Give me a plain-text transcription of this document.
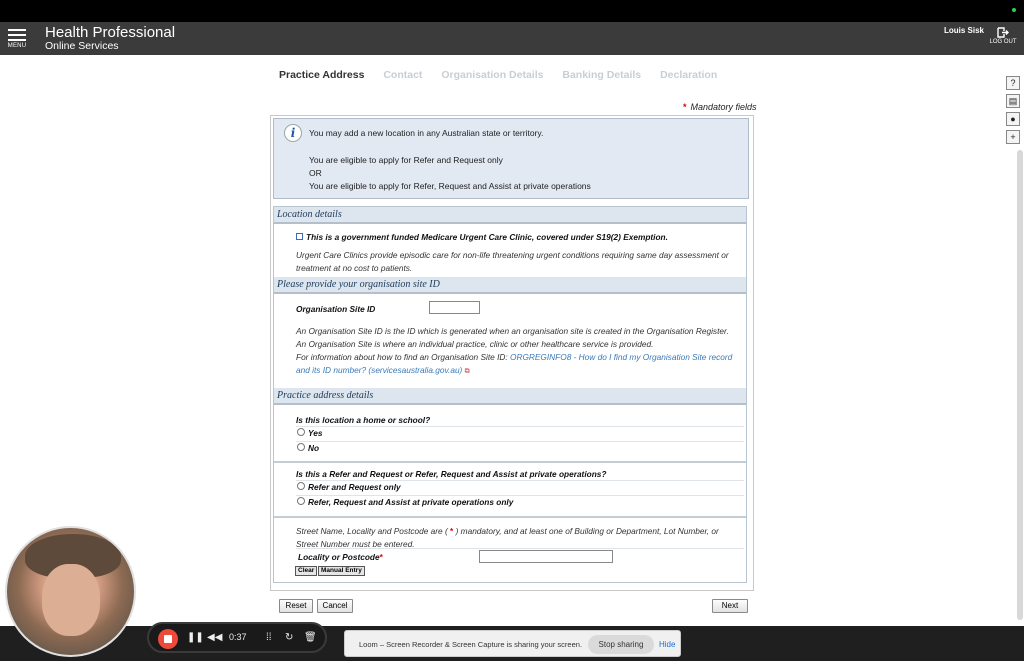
MENU
Health Professional
Online Services
Louis Sisk
LOG OUT
Practice Address Contact Organisation Details Banking Details Declaration
* Mandatory fields
?
▤
●
+
i	You may add a new location in any Australian state or territory.

You are eligible to apply for Refer and Request only

OR

You are eligible to apply for Refer, Request and Assist at private operations

Location details
This is a government funded Medicare Urgent Care Clinic, covered under S19(2) Exemption.
Urgent Care Clinics provide episodic care for non-life threatening urgent conditions requiring same day assessment or treatment at no cost to patients.
Please provide your organisation site ID
Organisation Site ID
An Organisation Site ID is the ID which is generated when an organisation site is created in the Organisation Register.
An Organisation Site is where an individual practice, clinic or other healthcare service is provided.
For information about how to find an Organisation Site ID: ORGREGINFO8 - How do I find my Organisation Site record and its ID number? (servicesaustralia.gov.au) ⧉
Practice address details
Is this location a home or school?
Yes
No
Is this a Refer and Request or Refer, Request and Assist at private operations?
Refer and Request only
Refer, Request and Assist at private operations only
Street Name, Locality and Postcode are ( * ) mandatory, and at least one of Building or Department, Lot Number, or Street Number must be entered.
Locality or Postcode*
Clear	Manual Entry
Reset	Cancel	Next
❚❚ ◀◀ 0:37 ⁞⁞ ↻ 🗑
Loom – Screen Recorder & Screen Capture is sharing your screen.	Stop sharing	Hide
